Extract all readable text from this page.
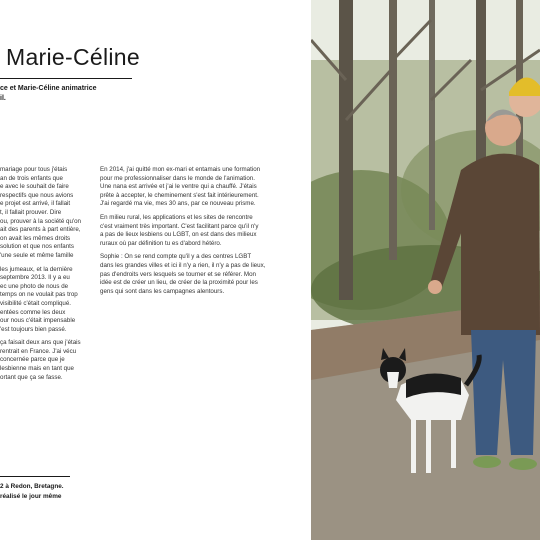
Marie-Céline
ce et Marie-Céline animatrice
il.

mariage pour tous j'étais
an de trois enfants que
e avec le souhait de faire
respectifs que nous avions
e projet est arrivé, il fallait
t, il fallait prouver. Dire
ou, prouver à la société qu'on
ait des parents à part entière,
on avait les mêmes droits
solution et que nos enfants
'une seule et même famille

les jumeaux, et la dernière
septembre 2013. Il y a eu
ec une photo de nous de
temps on ne voulait pas trop
visibilité c'était compliqué.
entées comme les deux
our nous c'était impensable
'est toujours bien passé.

ça faisait deux ans que j'étais
rentrait en France. J'ai vécu
concernée parce que je
lesbienne mais en tant que
ortant que ça se fasse.

En 2014, j'ai quitté mon ex-mari et entamais une formation
pour me professionnaliser dans le monde de l'animation.
Une nana est arrivée et j'ai le ventre qui a chauffé. J'étais
prête à accepter, le cheminement s'est fait intérieurement.
J'ai regardé ma vie, mes 30 ans, par ce nouveau prisme.

En milieu rural, les applications et les sites de rencontre
c'est vraiment très important. C'est facilitant parce qu'il n'y
a pas de lieux lesbiens ou LGBT, on est dans des milieux
ruraux où par définition tu es d'abord hétéro.

Sophie : On se rend compte qu'il y a des centres LGBT
dans les grandes villes et ici il n'y a rien, il n'y a pas de lieux,
pas d'endroits vers lesquels se tourner et se référer. Mon
idée est de créer un lieu, de créer de la proximité pour les
gens qui sont dans les campagnes alentours.

2 à Redon, Bretagne.

réalisé le jour même
